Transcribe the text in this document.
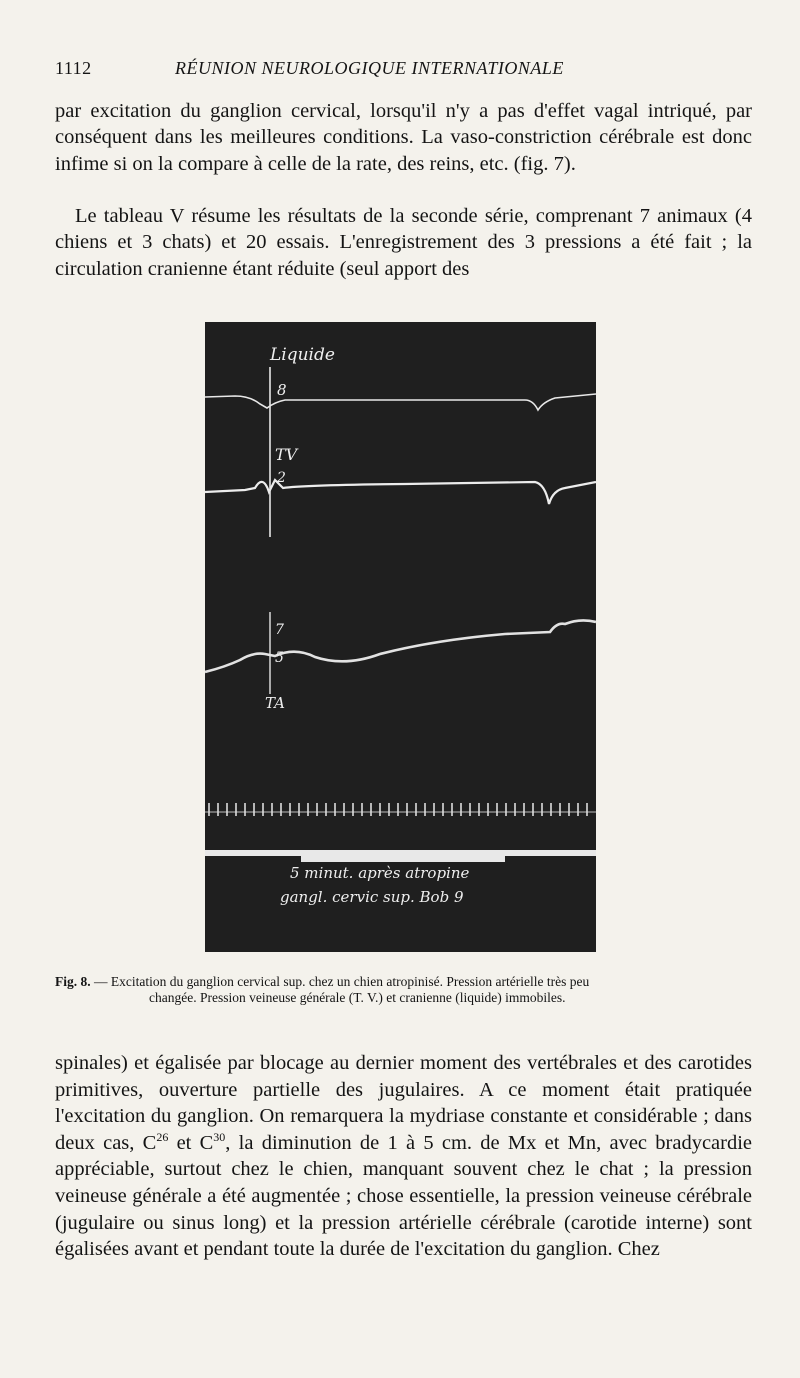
1112	RÉUNION NEUROLOGIQUE INTERNATIONALE
par excitation du ganglion cervical, lorsqu'il n'y a pas d'effet vagal intriqué, par conséquent dans les meilleures conditions. La vaso-constriction cérébrale est donc infime si on la compare à celle de la rate, des reins, etc. (fig. 7).
Le tableau V résume les résultats de la seconde série, comprenant 7 animaux (4 chiens et 3 chats) et 20 essais. L'enregistrement des 3 pressions a été fait ; la circulation cranienne étant réduite (seul apport des
Liquide
8
TV
2
7
5
TA
5 minut. après atropine
gangl. cervic sup. Bob 9
Fig. 8. — Excitation du ganglion cervical sup. chez un chien atropinisé. Pression artérielle très peu
changée. Pression veineuse générale (T. V.) et cranienne (liquide) immobiles.
spinales) et égalisée par blocage au dernier moment des vertébrales et des carotides primitives, ouverture partielle des jugulaires. A ce moment était pratiquée l'excitation du ganglion. On remarquera la mydriase constante et considérable ; dans deux cas, $C^{26}$ et $C^{30}$, la diminution de 1 à 5 cm. de Mx et Mn, avec bradycardie appréciable, surtout chez le chien, manquant souvent chez le chat ; la pression veineuse générale a été augmentée ; chose essentielle, la pression veineuse cérébrale (jugulaire ou sinus long) et la pression artérielle cérébrale (carotide interne) sont égalisées avant et pendant toute la durée de l'excitation du ganglion. Chez
